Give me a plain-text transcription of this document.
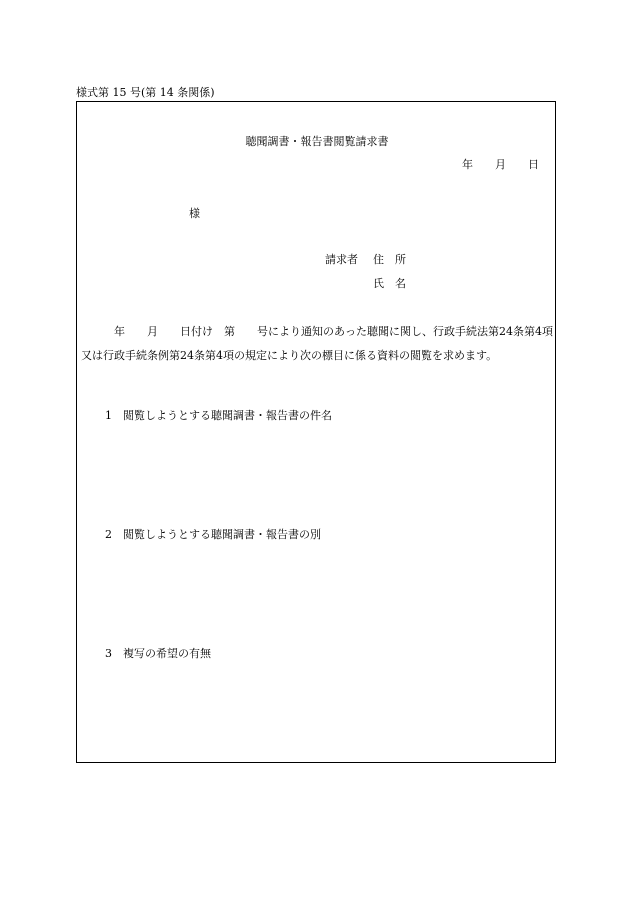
様式第 15 号(第 14 条関係)
聴聞調書・報告書閲覧請求書
年　　月　　日
様
請求者 住　所
氏　名
　　　年　　月　　日付け　第　　号により通知のあった聴聞に関し、行政手続法第24条第4項又は行政手続条例第24条第4項の規定により次の標目に係る資料の閲覧を求めます。

1　 閲覧しようとする聴聞調書・報告書の件名

2　 閲覧しようとする聴聞調書・報告書の別

3　 複写の希望の有無
